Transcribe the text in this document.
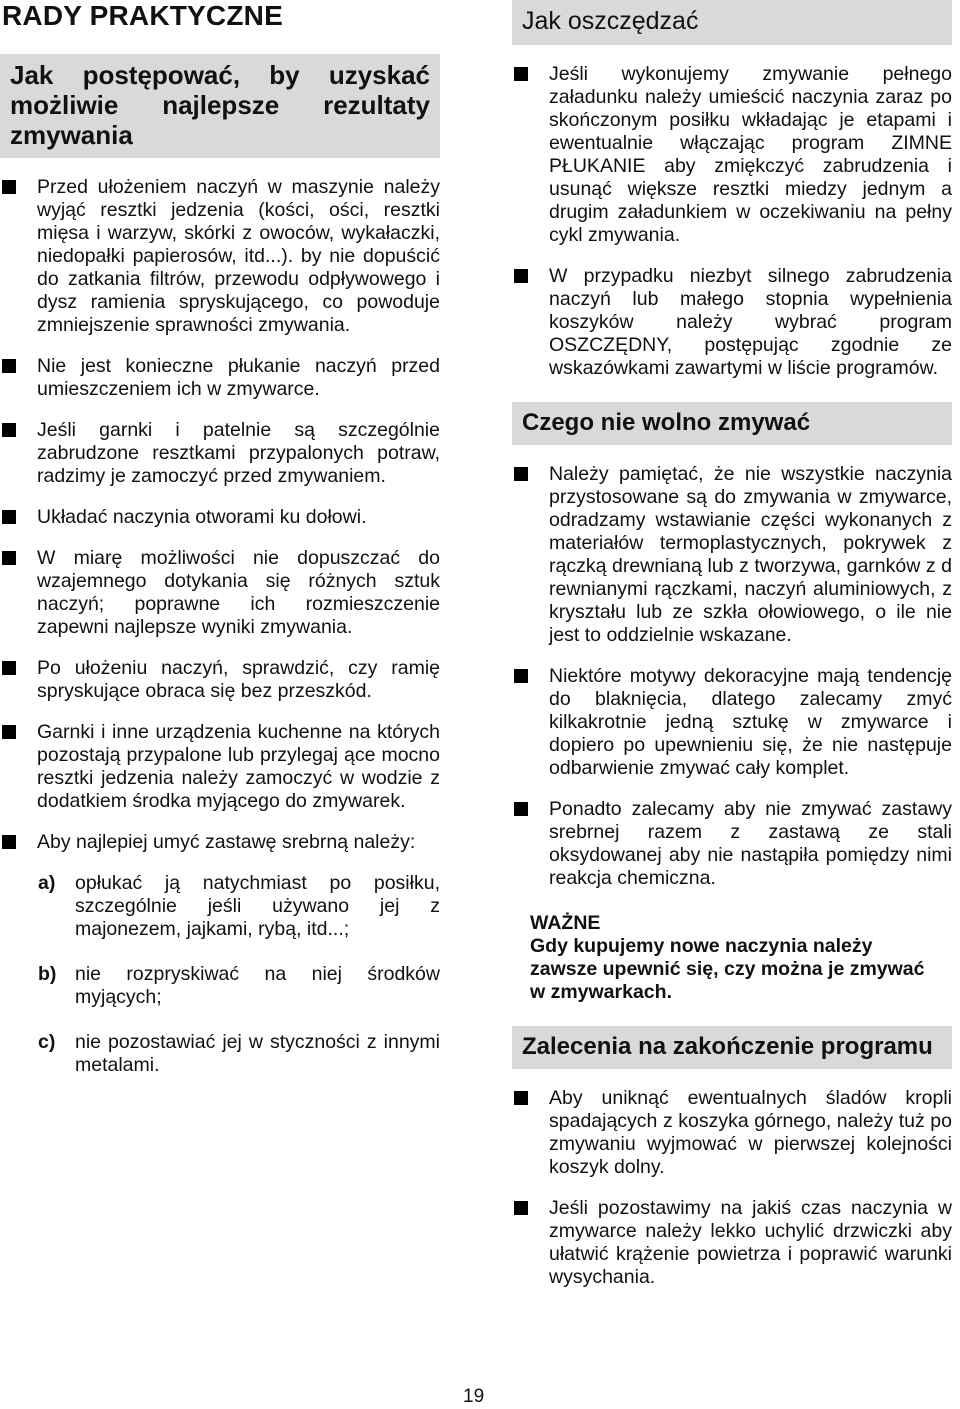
RADY PRAKTYCZNE
Jak postępować, by uzyskać możliwie najlepsze rezultaty zmywania
Przed ułożeniem naczyń w maszynie należy wyjąć resztki jedzenia (kości, ości, resztki mięsa i warzyw, skórki z owoców, wykałaczki, niedopałki papierosów, itd...). by nie dopuścić do zatkania filtrów, przewodu odpływowego i dysz ramienia spryskującego, co powoduje zmniejszenie sprawności zmywania.
Nie jest konieczne płukanie naczyń przed umieszczeniem ich w zmywarce.
Jeśli garnki i patelnie są szczególnie zabrudzone resztkami przypalonych potraw, radzimy je zamoczyć przed zmywaniem.
Układać naczynia otworami ku dołowi.
W miarę możliwości nie dopuszczać do wzajemnego dotykania się różnych sztuk naczyń; poprawne ich rozmieszczenie zapewni najlepsze wyniki zmywania.
Po ułożeniu naczyń, sprawdzić, czy ramię spryskujące obraca się bez przeszkód.
Garnki i inne urządzenia kuchenne na których pozostają przypalone lub przylegaj ące mocno resztki jedzenia należy zamoczyć w wodzie z dodatkiem środka myjącego do zmywarek.
Aby najlepiej umyć zastawę srebrną należy:
a) opłukać ją natychmiast po posiłku, szczególnie jeśli używano jej z majonezem, jajkami, rybą, itd...;
b) nie rozpryskiwać na niej środków myjących;
c) nie pozostawiać jej w styczności z innymi metalami.
Jak oszczędzać
Jeśli wykonujemy zmywanie pełnego załadunku należy umieścić naczynia zaraz po skończonym posiłku wkładając je etapami i ewentualnie włączając program ZIMNE PŁUKANIE aby zmiękczyć zabrudzenia i usunąć większe resztki miedzy jednym a drugim załadunkiem w oczekiwaniu na pełny cykl zmywania.
W przypadku niezbyt silnego zabrudzenia naczyń lub małego stopnia wypełnienia koszyków należy wybrać program OSZCZĘDNY, postępując zgodnie ze wskazówkami zawartymi w liście programów.
Czego nie wolno zmywać
Należy pamiętać, że nie wszystkie naczynia przystosowane są do zmywania w zmywarce, odradzamy wstawianie części wykonanych z materiałów termoplastycznych, pokrywek z rączką drewnianą lub z tworzywa, garnków z d rewnianymi rączkami, naczyń aluminiowych, z kryształu lub ze szkła ołowiowego, o ile nie jest to oddzielnie wskazane.
Niektóre motywy dekoracyjne mają tendencję do blaknięcia, dlatego zalecamy zmyć kilkakrotnie jedną sztukę w zmywarce i dopiero po upewnieniu się, że nie następuje odbarwienie zmywać cały komplet.
Ponadto zalecamy aby nie zmywać zastawy srebrnej razem z zastawą ze stali oksydowanej aby nie nastąpiła pomiędzy nimi reakcja chemiczna.
WAŻNE
Gdy kupujemy nowe naczynia należy zawsze upewnić się, czy można je zmywać w zmywarkach.
Zalecenia na zakończenie programu
Aby uniknąć ewentualnych śladów kropli spadających z koszyka górnego, należy tuż po zmywaniu wyjmować w pierwszej kolejności koszyk dolny.
Jeśli pozostawimy na jakiś czas naczynia w zmywarce należy lekko uchylić drzwiczki aby ułatwić krążenie powietrza i poprawić warunki wysychania.
19
